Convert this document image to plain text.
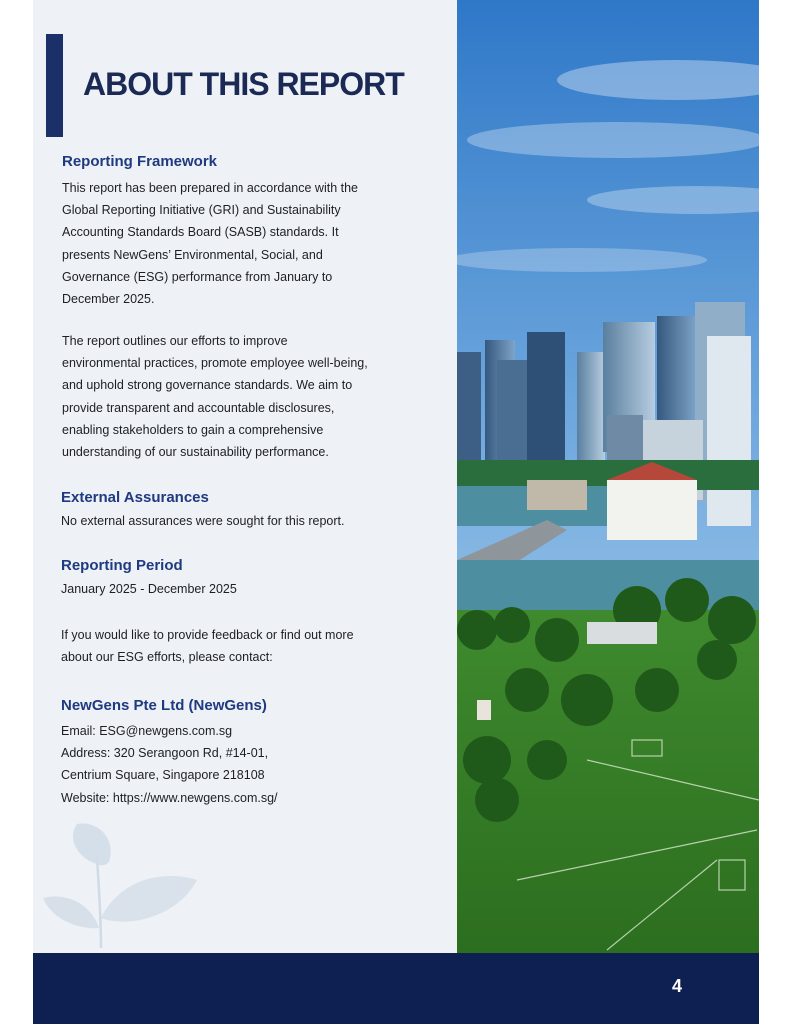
ABOUT THIS REPORT
Reporting Framework
This report has been prepared in accordance with the
Global Reporting Initiative (GRI) and Sustainability
Accounting Standards Board (SASB) standards. It
presents NewGens’ Environmental, Social, and
Governance (ESG) performance from January to
December 2025.
The report outlines our efforts to improve
environmental practices, promote employee well-being,
and uphold strong governance standards. We aim to
provide transparent and accountable disclosures,
enabling stakeholders to gain a comprehensive
understanding of our sustainability performance.
External Assurances
No external assurances were sought for this report.
Reporting Period
January 2025 - December 2025
If you would like to provide feedback or find out more
about our ESG efforts, please contact:
NewGens Pte Ltd (NewGens)
Email: ESG@newgens.com.sg
Address: 320 Serangoon Rd, #14-01,
Centrium Square, Singapore 218108
Website: https://www.newgens.com.sg/
4
